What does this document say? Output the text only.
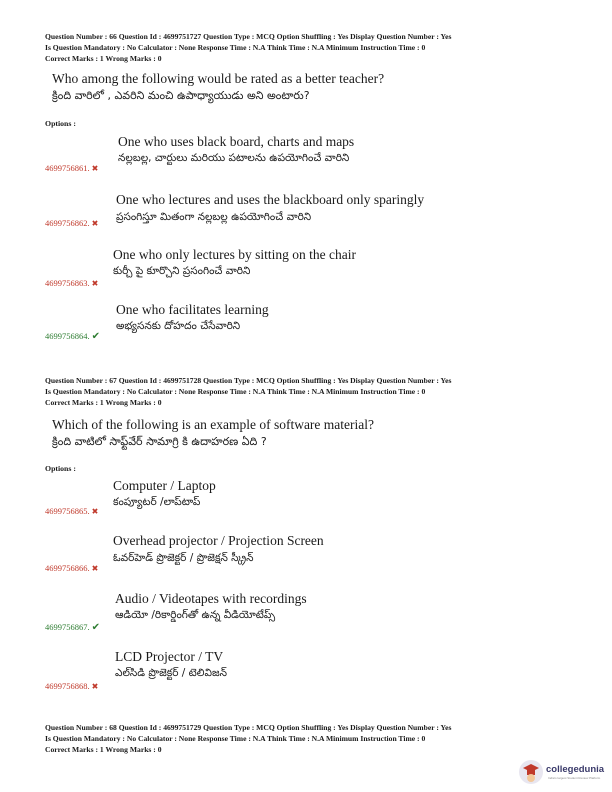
Question Number : 66 Question Id : 4699751727 Question Type : MCQ Option Shuffling : Yes Display Question Number : Yes
Is Question Mandatory : No Calculator : None Response Time : N.A Think Time : N.A Minimum Instruction Time : 0
Correct Marks : 1 Wrong Marks : 0
Who among the following would be rated as a better teacher?
క్రింది వారిలో , ఎవరిని మంచి ఉపాధ్యాయుడు అని అంటారు?
Options :
One who uses black board, charts and maps
నల్లబల్ల, చార్టులు మరియు పటాలను ఉపయోగించే వారిని
4699756861. ✖
One who lectures and uses the blackboard only sparingly
ప్రసంగిస్తూ మితంగా నల్లబల్ల ఉపయోగించే వారిని
4699756862. ✖
One who only lectures by sitting on the chair
కుర్చీ పై కూర్చొని ప్రసంగించే వారిని
4699756863. ✖
One who facilitates learning
అభ్యసనకు దోహదం చేసేవారిని
4699756864. ✔
Question Number : 67 Question Id : 4699751728 Question Type : MCQ Option Shuffling : Yes Display Question Number : Yes
Is Question Mandatory : No Calculator : None Response Time : N.A Think Time : N.A Minimum Instruction Time : 0
Correct Marks : 1 Wrong Marks : 0
Which of the following is an example of software material?
క్రింది వాటిలో సాఫ్ట్‌వేర్ సామాగ్రి కి ఉదాహరణ ఏది ?
Options :
Computer / Laptop
కంప్యూటర్ /లాప్‌టాప్
4699756865. ✖
Overhead projector / Projection Screen
ఓవర్‌హెడ్ ప్రొజెక్టర్ / ప్రొజెక్షన్ స్క్రీన్
4699756866. ✖
Audio / Videotapes with recordings
ఆడియో /రికార్డింగ్‌తో ఉన్న వీడియోటేప్స్
4699756867. ✔
LCD Projector / TV
ఎల్‌సిడి ప్రొజెక్టర్ / టెలివిజన్
4699756868. ✖
Question Number : 68 Question Id : 4699751729 Question Type : MCQ Option Shuffling : Yes Display Question Number : Yes
Is Question Mandatory : No Calculator : None Response Time : N.A Think Time : N.A Minimum Instruction Time : 0
Correct Marks : 1 Wrong Marks : 0
collegedunia
India's largest Student Review Platform
